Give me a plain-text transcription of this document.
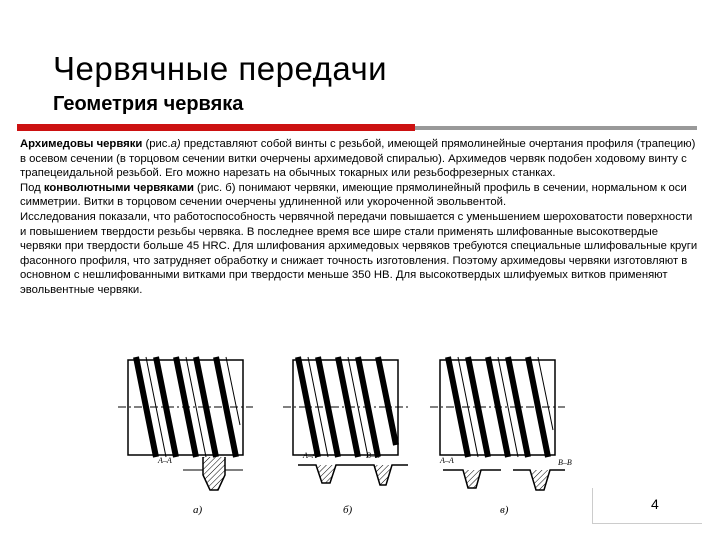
Червячные передачи
Геометрия червяка

Архимедовы червяки (рис.а) представляют собой винты с резьбой, имеющей прямолинейные очертания профиля (трапецию) в осевом сечении (в торцовом сечении витки очерчены архимедовой спиралью). Архимедов червяк подобен ходовому винту с трапецеидальной резьбой. Его можно нарезать на обычных токарных или резьбофрезерных станках.

Под конволютными червяками (рис. б) понимают червяки, имеющие прямолинейный профиль в сечении, нормальном к оси симметрии. Витки в торцовом сечении очерчены удлиненной или укороченной эвольвентой.

Исследования показали, что работоспособность червячной передачи повышается с уменьшением шероховатости поверхности и повышением твердости резьбы червяка. В последнее время все шире стали применять шлифованные высокотвердые червяки при твердости больше 45 HRC. Для шлифования архимедовых червяков требуются специальные шлифовальные круги фасонного профиля, что затрудняет обработку и снижает точность изготовления. Поэтому архимедовы червяки изготовляют в основном с нешлифованными витками при твердости меньше 350 НВ. Для высокотвердых шлифуемых витков применяют эвольвентные червяки.

А–А
А–А	В–В
А–А	В–В
а)	б)	в)	4
